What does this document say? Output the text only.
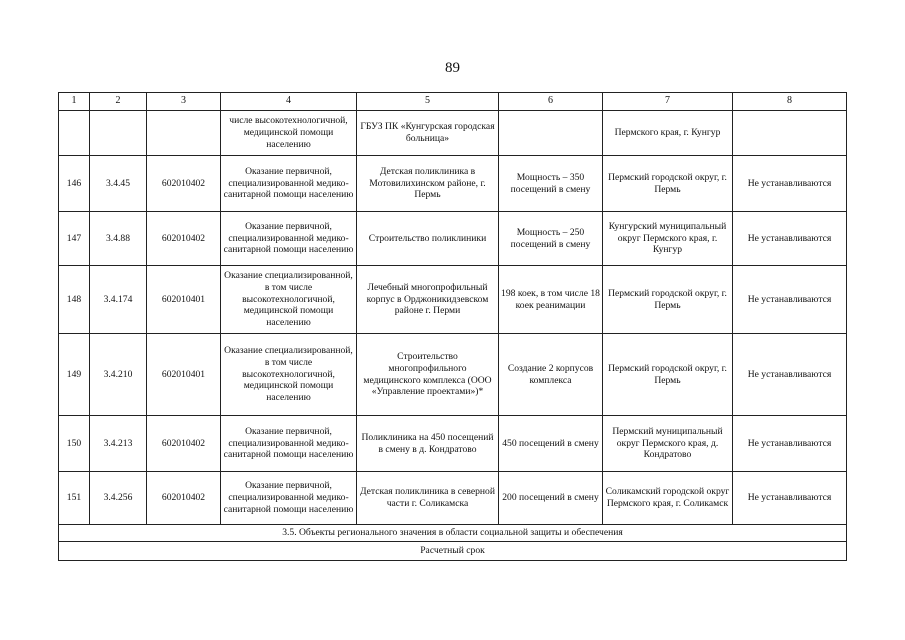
89
1	2	3	4	5	6	7	8
			числе высокотехнологичной, медицинской помощи населению	ГБУЗ ПК «Кунгурская городская больница»		Пермского края, г. Кунгур	
146	3.4.45	602010402	Оказание первичной, специализированной медико-санитарной помощи населению	Детская поликлиника в Мотовилихинском районе, г. Пермь	Мощность – 350 посещений в смену	Пермский городской округ, г. Пермь	Не устанавливаются
147	3.4.88	602010402	Оказание первичной, специализированной медико-санитарной помощи населению	Строительство поликлиники	Мощность – 250 посещений в смену	Кунгурский муниципальный округ Пермского края, г. Кунгур	Не устанавливаются
148	3.4.174	602010401	Оказание специализированной, в том числе высокотехнологичной, медицинской помощи населению	Лечебный многопрофильный корпус в Орджоникидзевском районе г. Перми	198 коек, в том числе 18 коек реанимации	Пермский городской округ, г. Пермь	Не устанавливаются
149	3.4.210	602010401	Оказание специализированной, в том числе высокотехнологичной, медицинской помощи населению	Строительство многопрофильного медицинского комплекса (ООО «Управление проектами»)*	Создание 2 корпусов комплекса	Пермский городской округ, г. Пермь	Не устанавливаются
150	3.4.213	602010402	Оказание первичной, специализированной медико-санитарной помощи населению	Поликлиника на 450 посещений в смену в д. Кондратово	450 посещений в смену	Пермский муниципальный округ Пермского края, д. Кондратово	Не устанавливаются
151	3.4.256	602010402	Оказание первичной, специализированной медико-санитарной помощи населению	Детская поликлиника в северной части г. Соликамска	200 посещений в смену	Соликамский городской округ Пермского края, г. Соликамск	Не устанавливаются
3.5. Объекты регионального значения в области социальной защиты и обеспечения							
Расчетный срок							
